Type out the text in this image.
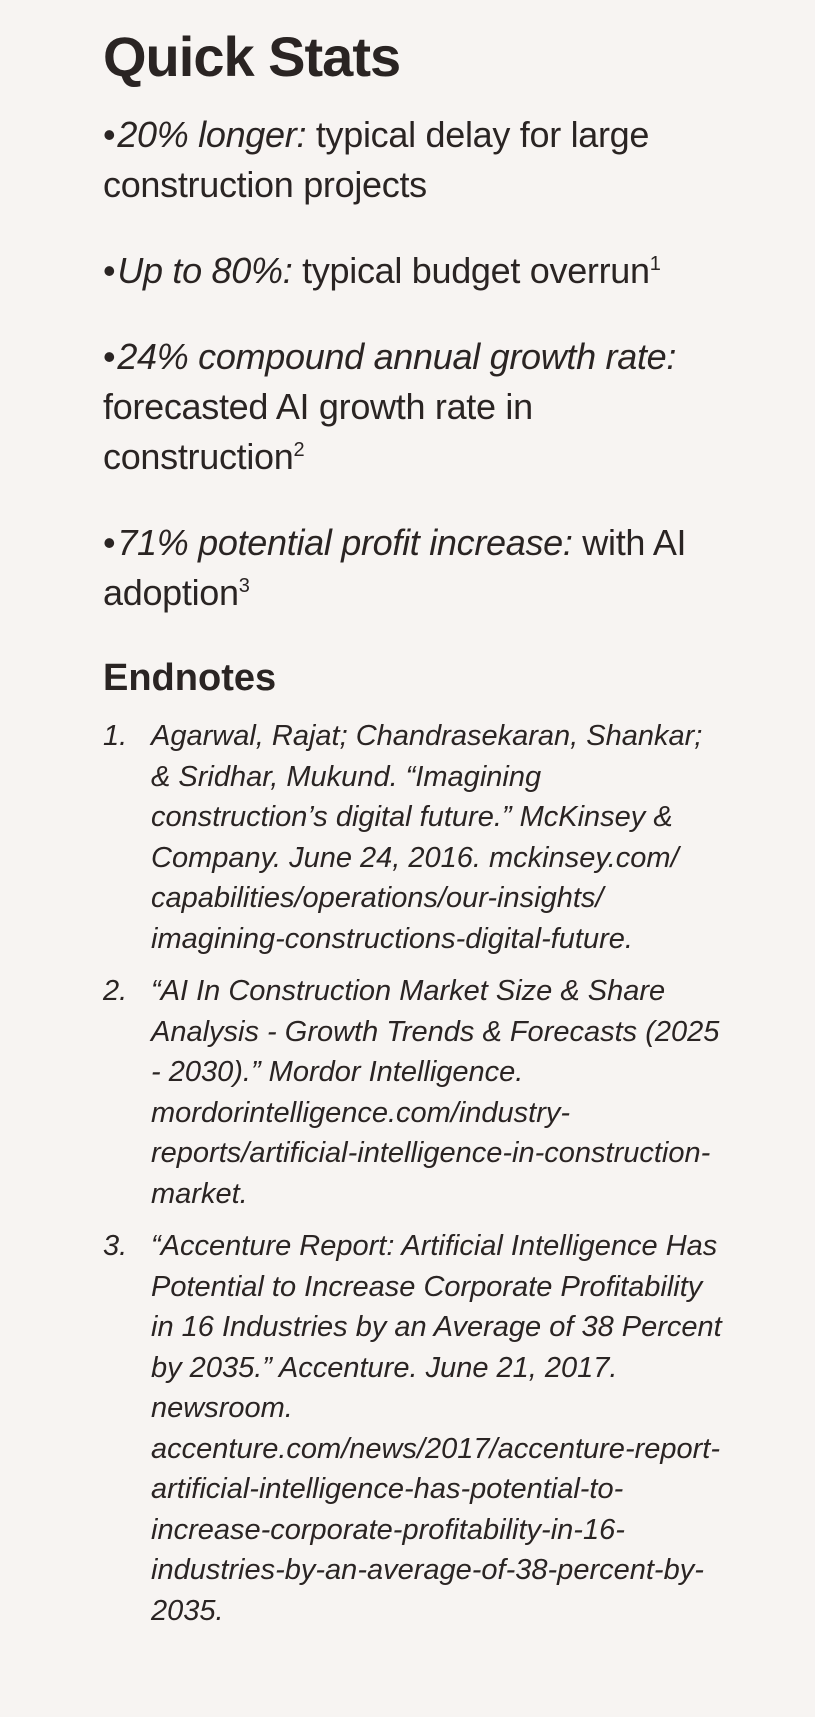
Quick Stats

•20% longer: typical delay for large construction projects

•Up to 80%: typical budget overrun$^1$

•24% compound annual growth rate: forecasted AI growth rate in construction$^2$

•71% potential profit increase: with AI adoption$^3$

Endnotes
1. Agarwal, Rajat; Chandrasekaran, Shankar; & Sridhar, Mukund. “Imagining construction’s digital future.” McKinsey & Company. June 24, 2016. mckinsey.com/ capabilities/operations/our-insights/ imagining-constructions-digital-future.
2. “AI In Construction Market Size & Share Analysis - Growth Trends & Forecasts (2025 - 2030).” Mordor Intelligence. mordorintelligence.com/industry-reports/artificial-intelligence-in-construction-market.
3. “Accenture Report: Artificial Intelligence Has Potential to Increase Corporate Profitability in 16 Industries by an Average of 38 Percent by 2035.” Accenture. June 21, 2017. newsroom. accenture.com/news/2017/accenture-report-artificial-intelligence-has-potential-to-increase-corporate-profitability-in-16-industries-by-an-average-of-38-percent-by-2035.
